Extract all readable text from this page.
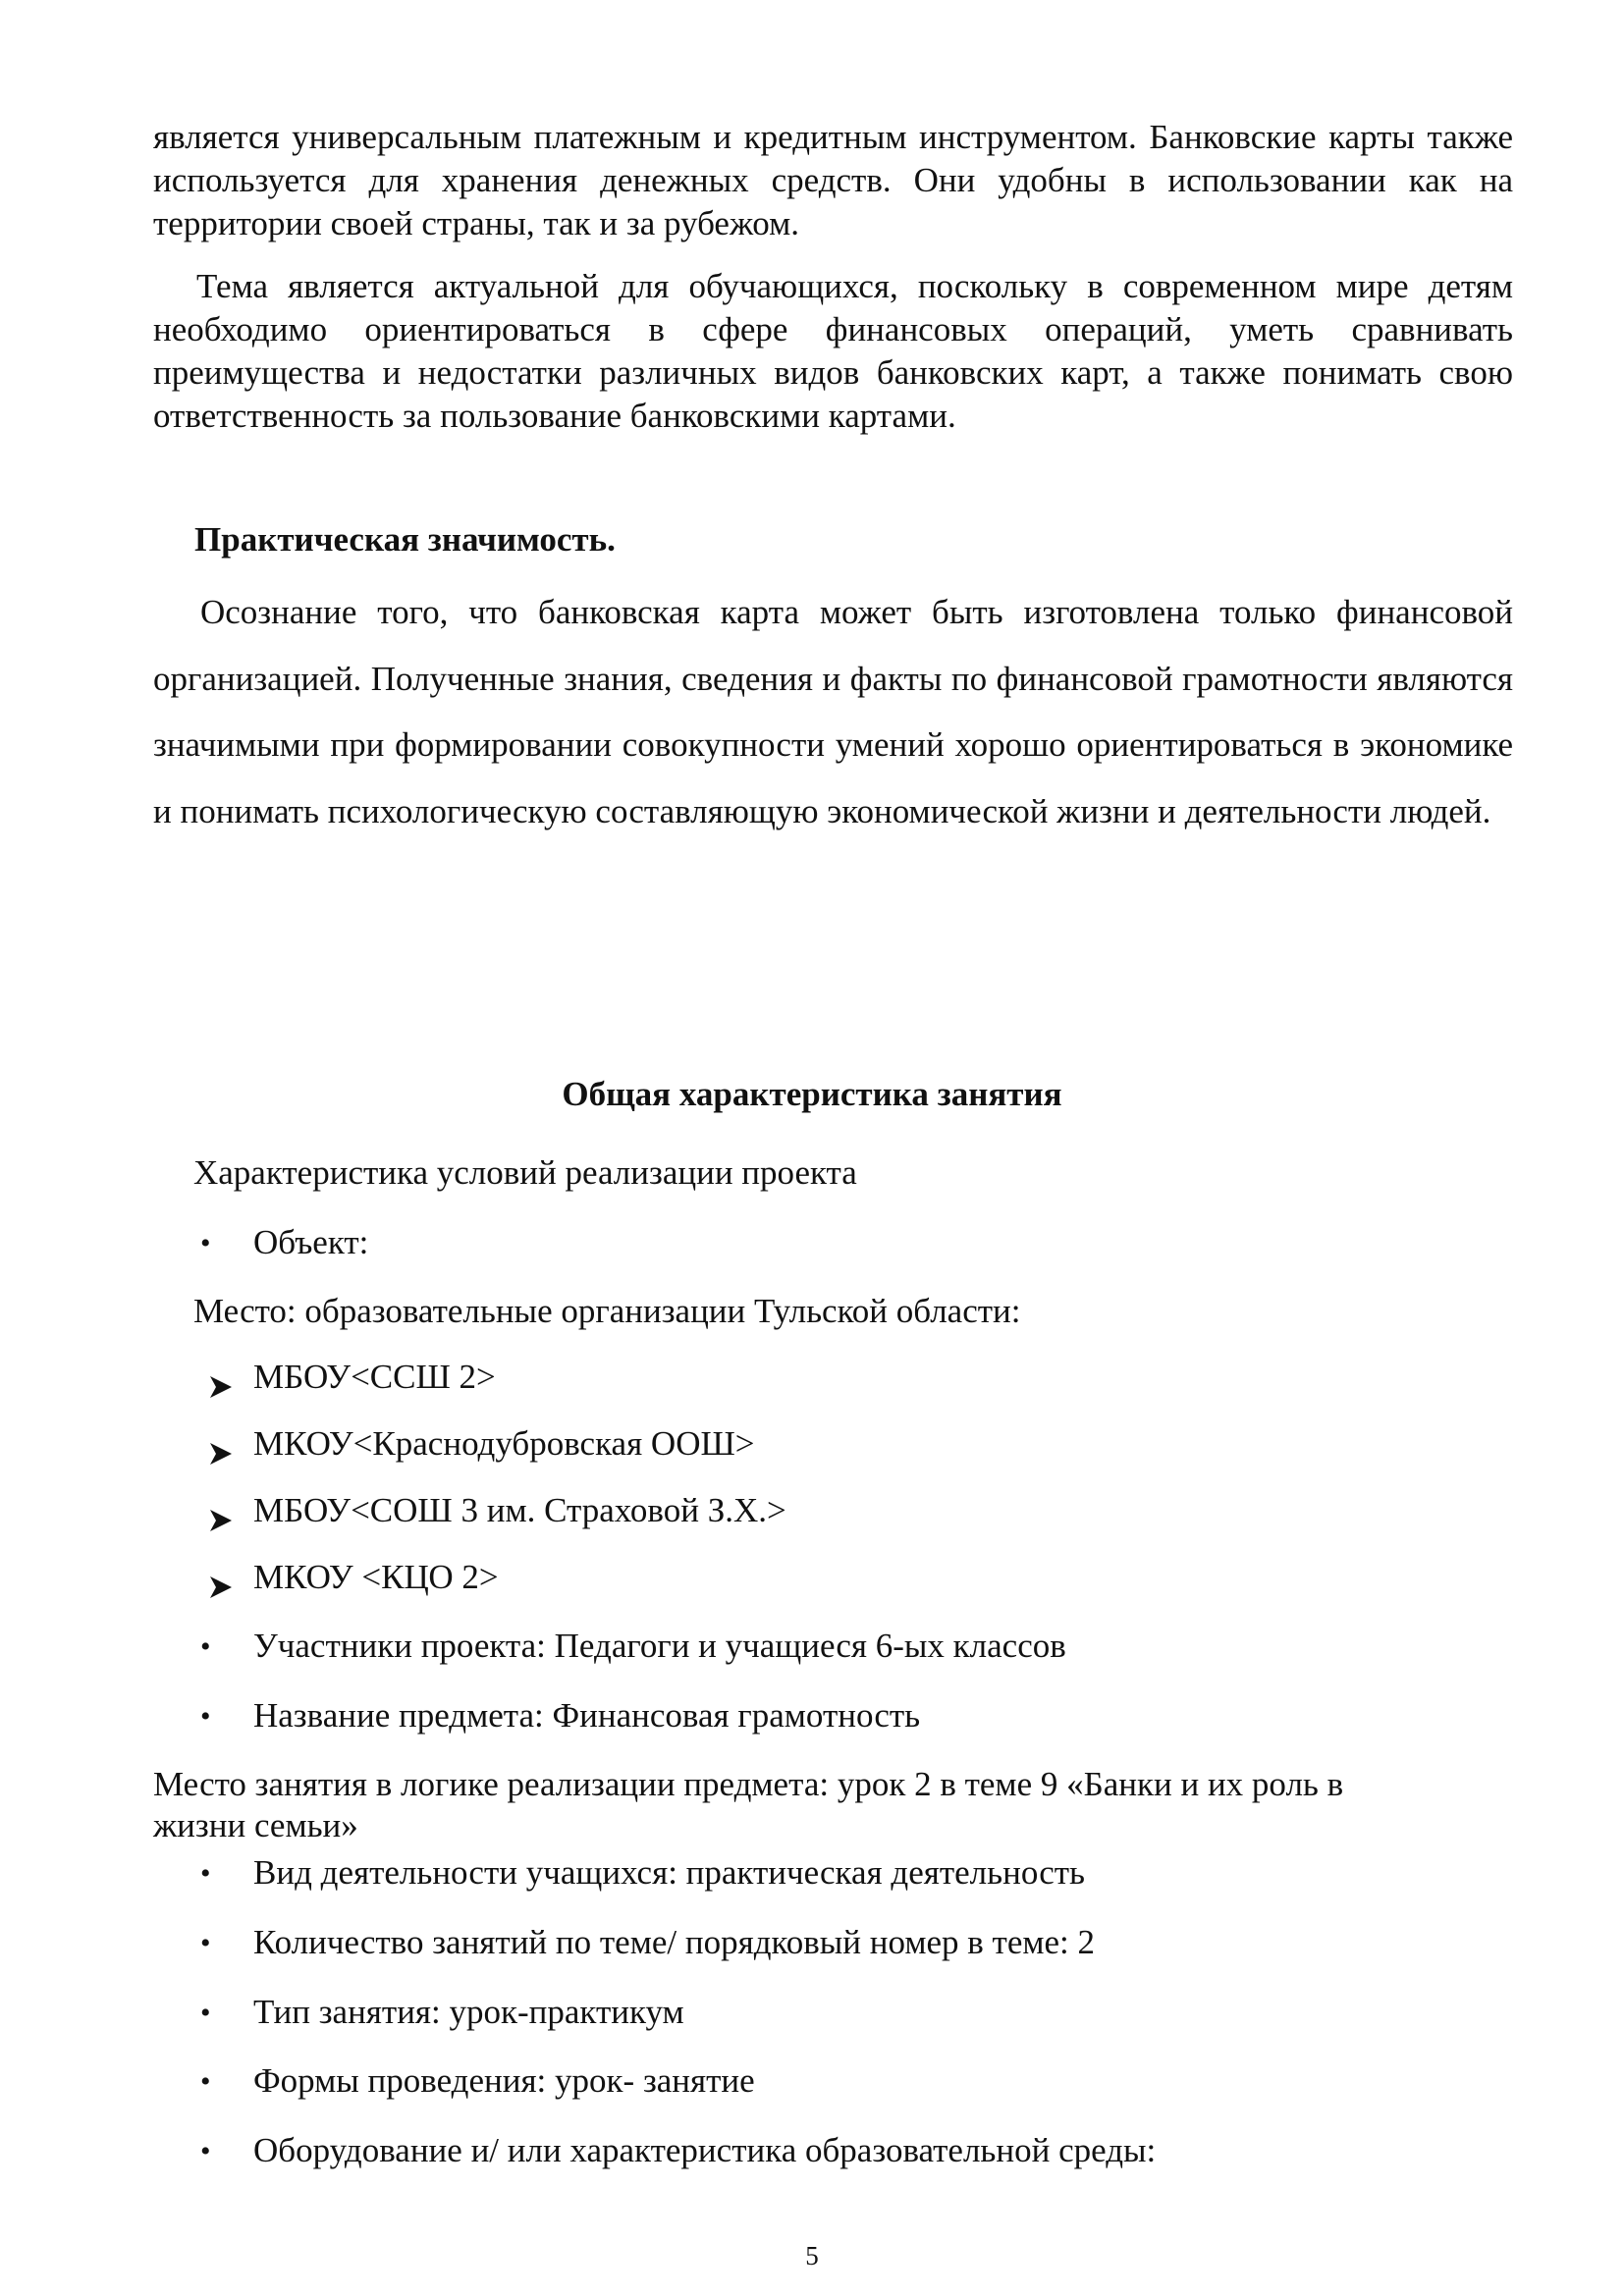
является универсальным платежным и кредитным инструментом. Банковские карты также используется для хранения денежных средств. Они удобны в использовании как на территории своей страны, так и за рубежом.

Тема является актуальной для обучающихся, поскольку в современном мире детям необходимо ориентироваться в сфере финансовых операций, уметь сравнивать преимущества и недостатки различных видов банковских карт, а также понимать свою ответственность за пользование банковскими картами.

Практическая значимость.

Осознание того, что банковская карта может быть изготовлена только финансовой организацией. Полученные знания, сведения и факты по финансовой грамотности являются значимыми при формировании совокупности умений хорошо ориентироваться в экономике и понимать психологическую составляющую экономической жизни и деятельности людей.

Общая характеристика занятия

Характеристика условий реализации проекта

• Объект:

Место: образовательные организации Тульской области:

МБОУ<ССШ 2>

МКОУ<Краснодубровская ООШ>

МБОУ<СОШ 3 им. Страховой З.Х.>

МКОУ <КЦО 2>

• Участники проекта: Педагоги и учащиеся 6-ых классов

• Название предмета: Финансовая грамотность

Место занятия в логике реализации предмета: урок 2 в теме 9 «Банки и их роль в

жизни семьи»

• Вид деятельности учащихся: практическая деятельность

• Количество занятий по теме/ порядковый номер в теме: 2

• Тип занятия: урок-практикум

• Формы проведения: урок- занятие

• Оборудование и/ или характеристика образовательной среды:

5
